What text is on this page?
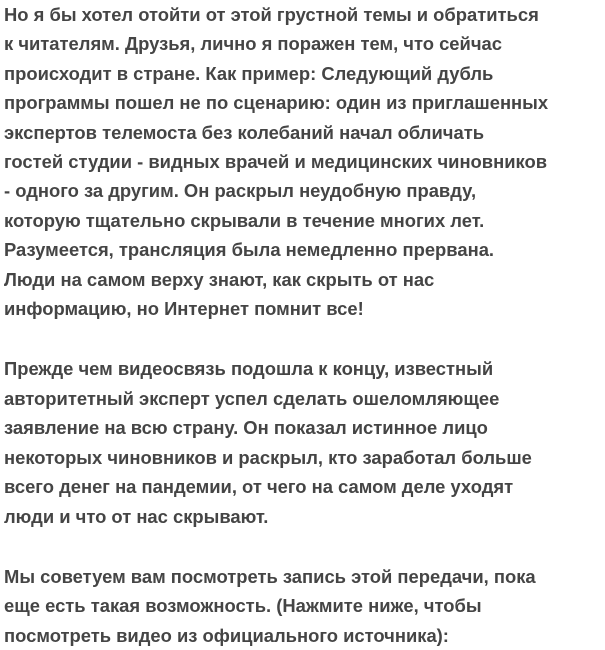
Но я бы хотел отойти от этой грустной темы и обратиться
к читателям. Друзья, лично я поражен тем, что сейчас
происходит в стране. Как пример: Следующий дубль
программы пошел не по сценарию: один из приглашенных
экспертов телемоста без колебаний начал обличать
гостей студии - видных врачей и медицинских чиновников
- одного за другим. Он раскрыл неудобную правду,
которую тщательно скрывали в течение многих лет.
Разумеется, трансляция была немедленно прервана.
Люди на самом верху знают, как скрыть от нас
информацию, но Интернет помнит все!

Прежде чем видеосвязь подошла к концу, известный
авторитетный эксперт успел сделать ошеломляющее
заявление на всю страну. Он показал истинное лицо
некоторых чиновников и раскрыл, кто заработал больше
всего денег на пандемии, от чего на самом деле уходят
люди и что от нас скрывают.

Мы советуем вам посмотреть запись этой передачи, пока
еще есть такая возможность. (Нажмите ниже, чтобы
посмотреть видео из официального источника):
